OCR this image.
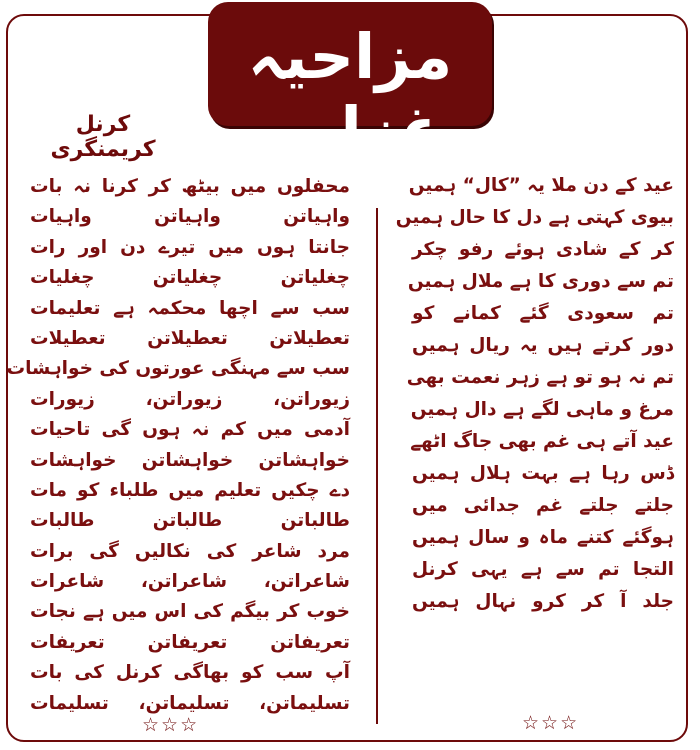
مزاحیہ غزلیں
کرنل کریمنگری
محفلوں میں بیٹھ کر کرنا نہ بات
واہیاتن واہیاتن واہیات
جانتا ہوں میں تیرے دن اور رات
چغلیاتن چغلیاتن چغلیات
سب سے اچھا محکمہ ہے تعلیمات
تعطیلاتن تعطیلاتن تعطیلات
سب سے مہنگی عورتوں کی خواہشات
زیوراتن، زیوراتن، زیورات
آدمی میں کم نہ ہوں گی تاحیات
خواہشاتن خواہشاتن خواہشات
دے چکیں تعلیم میں طلباء کو مات
طالباتن طالباتن طالبات
مرد شاعر کی نکالیں گی برات
شاعراتن، شاعراتن، شاعرات
خوب کر بیگم کی اس میں ہے نجات
تعریفاتن تعریفاتن تعریفات
آپ سب کو بھاگی کرنل کی بات
تسلیماتن، تسلیماتن، تسلیمات
عید کے دن ملا یہ ”کال“ ہمیں
بیوی کہتی ہے دل کا حال ہمیں
کر کے شادی ہوئے رفو چکر
تم سے دوری کا ہے ملال ہمیں
تم سعودی گئے کمانے کو
دور کرتے ہیں یہ ریال ہمیں
تم نہ ہو تو ہے زہر نعمت بھی
مرغ و ماہی لگے ہے دال ہمیں
عید آتے ہی غم بھی جاگ اٹھے
ڈس رہا ہے بہت ہلال ہمیں
جلتے جلتے غم جدائی میں
ہوگئے کتنے ماہ و سال ہمیں
التجا تم سے ہے یہی کرنل
جلد آ کر کرو نہال ہمیں
☆☆☆	☆☆☆
